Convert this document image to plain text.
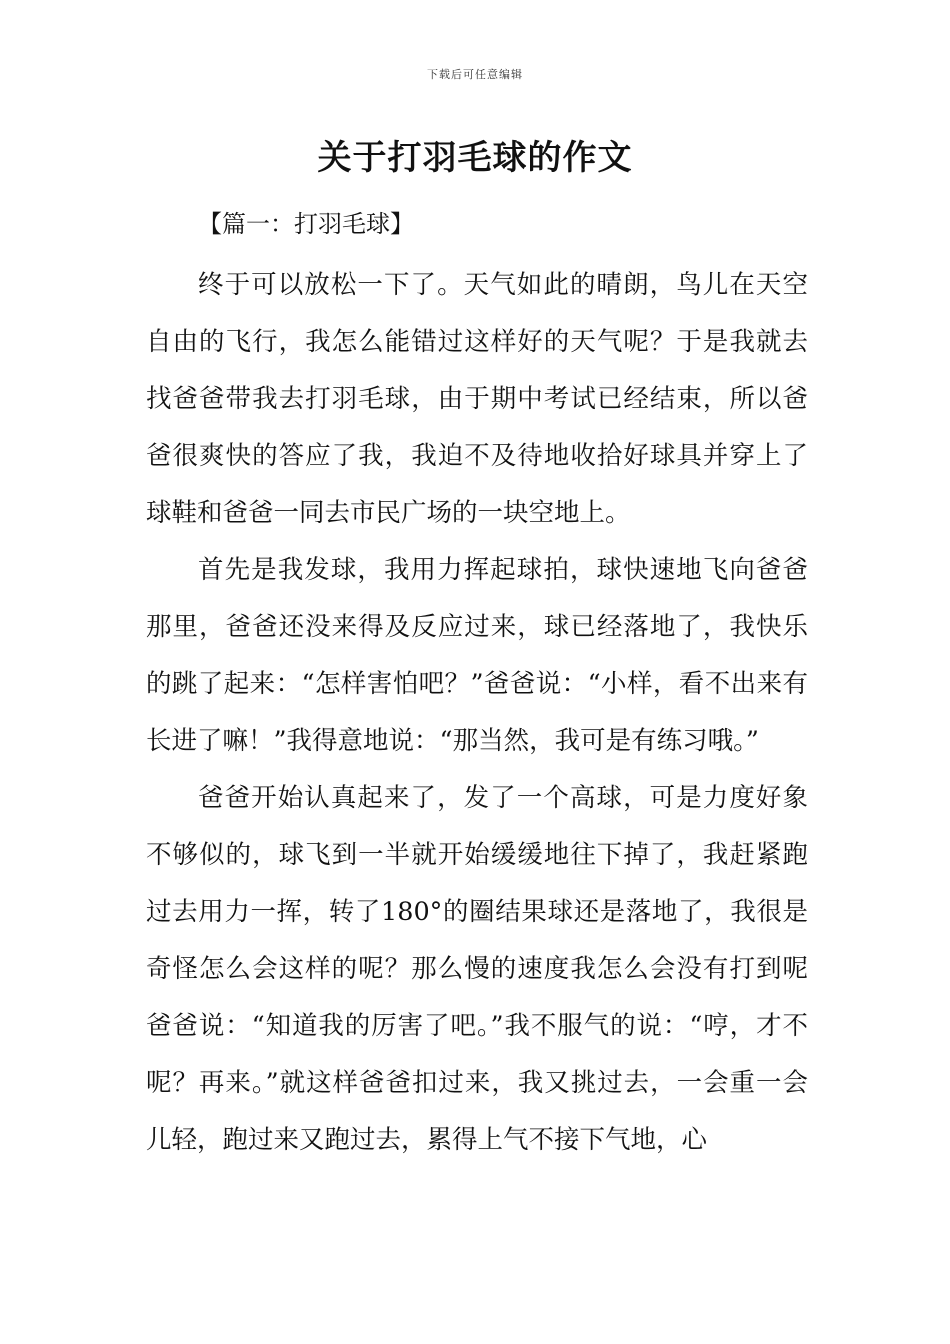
下载后可任意编辑
关于打羽毛球的作文

【篇一：打羽毛球】

终于可以放松一下了。天气如此的晴朗，鸟儿在天空自由的飞行，我怎么能错过这样好的天气呢？于是我就去找爸爸带我去打羽毛球，由于期中考试已经结束，所以爸爸很爽快的答应了我，我迫不及待地收拾好球具并穿上了球鞋和爸爸一同去市民广场的一块空地上。

首先是我发球，我用力挥起球拍，球快速地飞向爸爸那里，爸爸还没来得及反应过来，球已经落地了，我快乐的跳了起来：“怎样害怕吧？”爸爸说：“小样，看不出来有长进了嘛！”我得意地说：“那当然，我可是有练习哦。”

爸爸开始认真起来了，发了一个高球，可是力度好象不够似的，球飞到一半就开始缓缓地往下掉了，我赶紧跑过去用力一挥，转了180°的圈结果球还是落地了，我很是奇怪怎么会这样的呢？那么慢的速度我怎么会没有打到呢爸爸说：“知道我的厉害了吧。”我不服气的说：“哼，才不呢？再来。”就这样爸爸扣过来，我又挑过去，一会重一会儿轻，跑过来又跑过去，累得上气不接下气地，心
